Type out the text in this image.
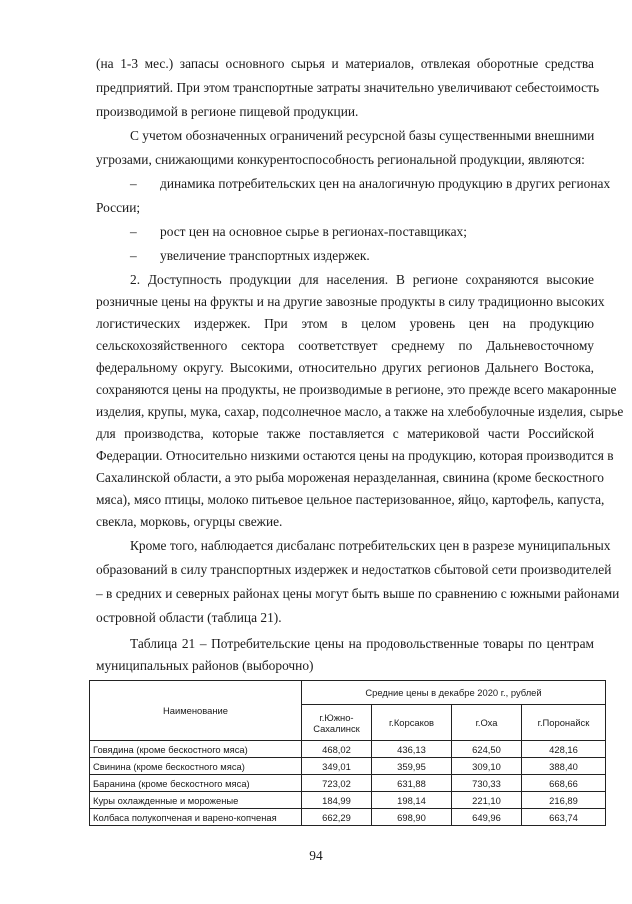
(на 1-3 мес.) запасы основного сырья и материалов, отвлекая оборотные средства
предприятий. При этом транспортные затраты значительно увеличивают себестоимость
производимой в регионе пищевой продукции.
С учетом обозначенных ограничений ресурсной базы существенными внешними
угрозами, снижающими конкурентоспособность региональной продукции, являются:
– динамика потребительских цен на аналогичную продукцию в других регионах
России;
– рост цен на основное сырье в регионах-поставщиках;
– увеличение транспортных издержек.
2. Доступность продукции для населения. В регионе сохраняются высокие
розничные цены на фрукты и на другие завозные продукты в силу традиционно высоких
логистических издержек. При этом в целом уровень цен на продукцию
сельскохозяйственного сектора соответствует среднему по Дальневосточному
федеральному округу. Высокими, относительно других регионов Дальнего Востока,
сохраняются цены на продукты, не производимые в регионе, это прежде всего макаронные
изделия, крупы, мука, сахар, подсолнечное масло, а также на хлебобулочные изделия, сырье
для производства, которые также поставляется с материковой части Российской
Федерации. Относительно низкими остаются цены на продукцию, которая производится в
Сахалинской области, а это рыба мороженая неразделанная, свинина (кроме бескостного
мяса), мясо птицы, молоко питьевое цельное пастеризованное, яйцо, картофель, капуста,
свекла, морковь, огурцы свежие.
Кроме того, наблюдается дисбаланс потребительских цен в разрезе муниципальных
образований в силу транспортных издержек и недостатков сбытовой сети производителей
– в средних и северных районах цены могут быть выше по сравнению с южными районами
островной области (таблица 21).
Таблица 21 – Потребительские цены на продовольственные товары по центрам
муниципальных районов (выборочно)
Наименование	Средние цены в декабре 2020 г., рублей			
	г.Южно-Сахалинск	г.Корсаков	г.Оха	г.Поронайск
Говядина (кроме бескостного мяса)	468,02	436,13	624,50	428,16
Свинина (кроме бескостного мяса)	349,01	359,95	309,10	388,40
Баранина (кроме бескостного мяса)	723,02	631,88	730,33	668,66
Куры охлажденные и мороженые	184,99	198,14	221,10	216,89
Колбаса полукопченая и варено-копченая	662,29	698,90	649,96	663,74
94
